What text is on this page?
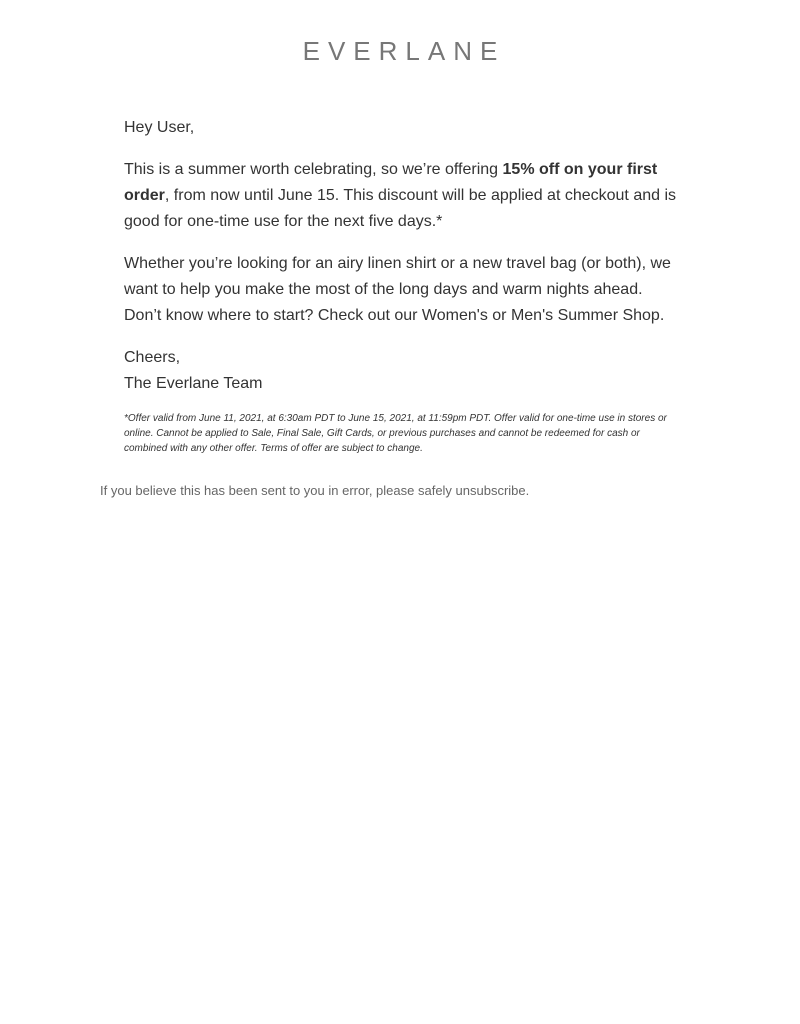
EVERLANE

Hey User,

This is a summer worth celebrating, so we’re offering 15% off on your first order, from now until June 15. This discount will be applied at checkout and is good for one-time use for the next five days.*

Whether you’re looking for an airy linen shirt or a new travel bag (or both), we want to help you make the most of the long days and warm nights ahead. Don’t know where to start? Check out our Women's or Men's Summer Shop.

Cheers,

The Everlane Team

*Offer valid from June 11, 2021, at 6:30am PDT to June 15, 2021, at 11:59pm PDT. Offer valid for one-time use in stores or online. Cannot be applied to Sale, Final Sale, Gift Cards, or previous purchases and cannot be redeemed for cash or combined with any other offer. Terms of offer are subject to change.

If you believe this has been sent to you in error, please safely unsubscribe.
